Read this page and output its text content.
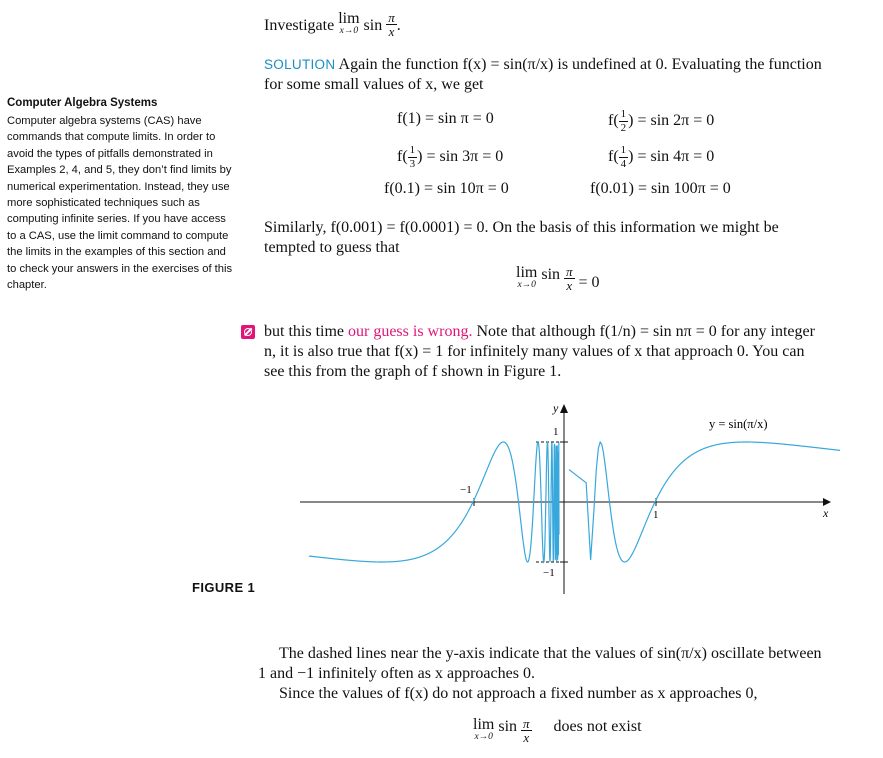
Investigate lim
x→0 $\sin \frac{\pi}{x}$ .
SOLUTION Again the function f(x) = sin(π/x) is undefined at 0. Evaluating the function
for some small values of x, we get
Computer Algebra Systems

Computer algebra systems (CAS) have commands that compute limits. In order to avoid the types of pitfalls demonstrated in Examples 2, 4, and 5, they don’t find limits by numerical experimentation. Instead, they use more sophisticated techniques such as computing infinite series. If you have access to a CAS, use the limit command to compute the limits in the examples of this section and to check your answers in the exercises of this chapter.

f(1) = sin π = 0	$f( \frac{1}{2}$ ) = sin 2π = 0
$f( \frac{1}{3}$ ) = sin 3π = 0	$f( \frac{1}{4}$ ) = sin 4π = 0
f(0.1) = sin 10π = 0	f(0.01) = sin 100π = 0
Similarly, f(0.001) = f(0.0001) = 0. On the basis of this information we might be
tempted to guess that
lim
x→0
$\sin \frac{\pi}{x} = 0$
but this time our guess is wrong. Note that although f(1/n) = sin nπ = 0 for any integer
n, it is also true that f(x) = 1 for infinitely many values of x that approach 0. You can
see this from the graph of f shown in Figure 1.
y
x
1
−1
−1
1
y = sin(π/x)
FIGURE 1
The dashed lines near the y-axis indicate that the values of sin(π/x) oscillate between
1 and −1 infinitely often as x approaches 0.
Since the values of f(x) do not approach a fixed number as x approaches 0,
lim
x→0
$\sin \frac{\pi}{x}$ does not exist
